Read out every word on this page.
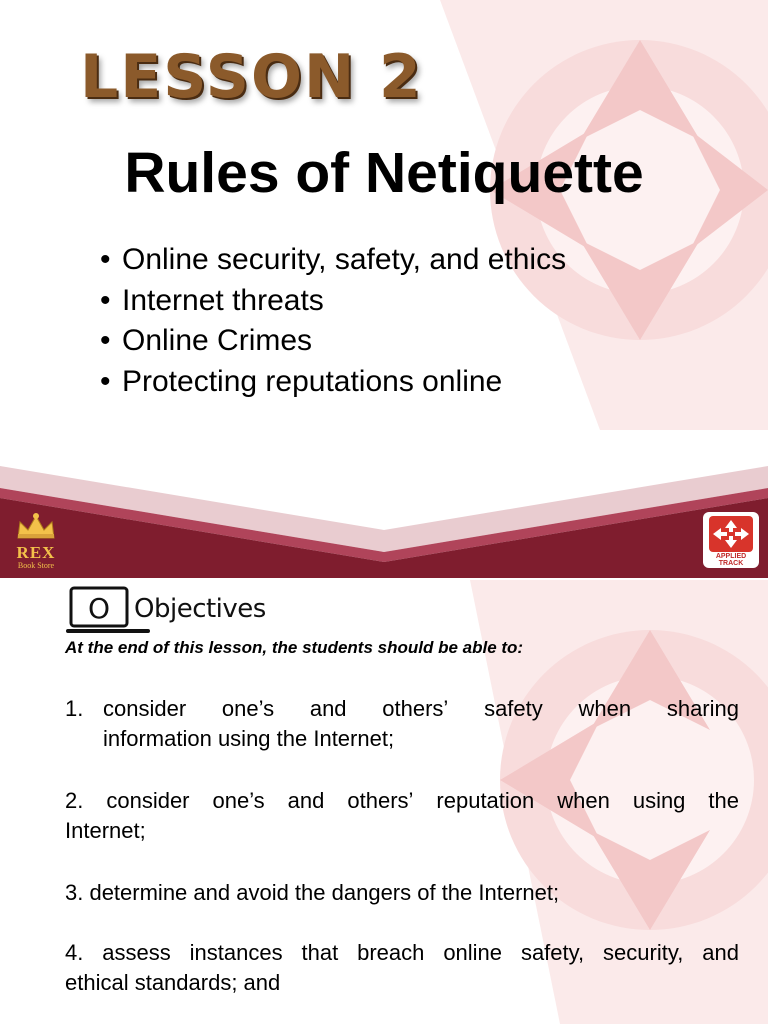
LESSON 2
Rules of Netiquette
• Online security, safety, and ethics
• Internet threats
• Online Crimes
• Protecting reputations online
REX
Book Store
APPLIED TRACK
O Objectives
At the end of this lesson, the students should be able to:
1. consider one’s and others’ safety when sharing
information using the Internet;
2. consider one’s and others’ reputation when using the
Internet;
3. determine and avoid the dangers of the Internet;
4. assess instances that breach online safety, security, and
ethical standards; and
